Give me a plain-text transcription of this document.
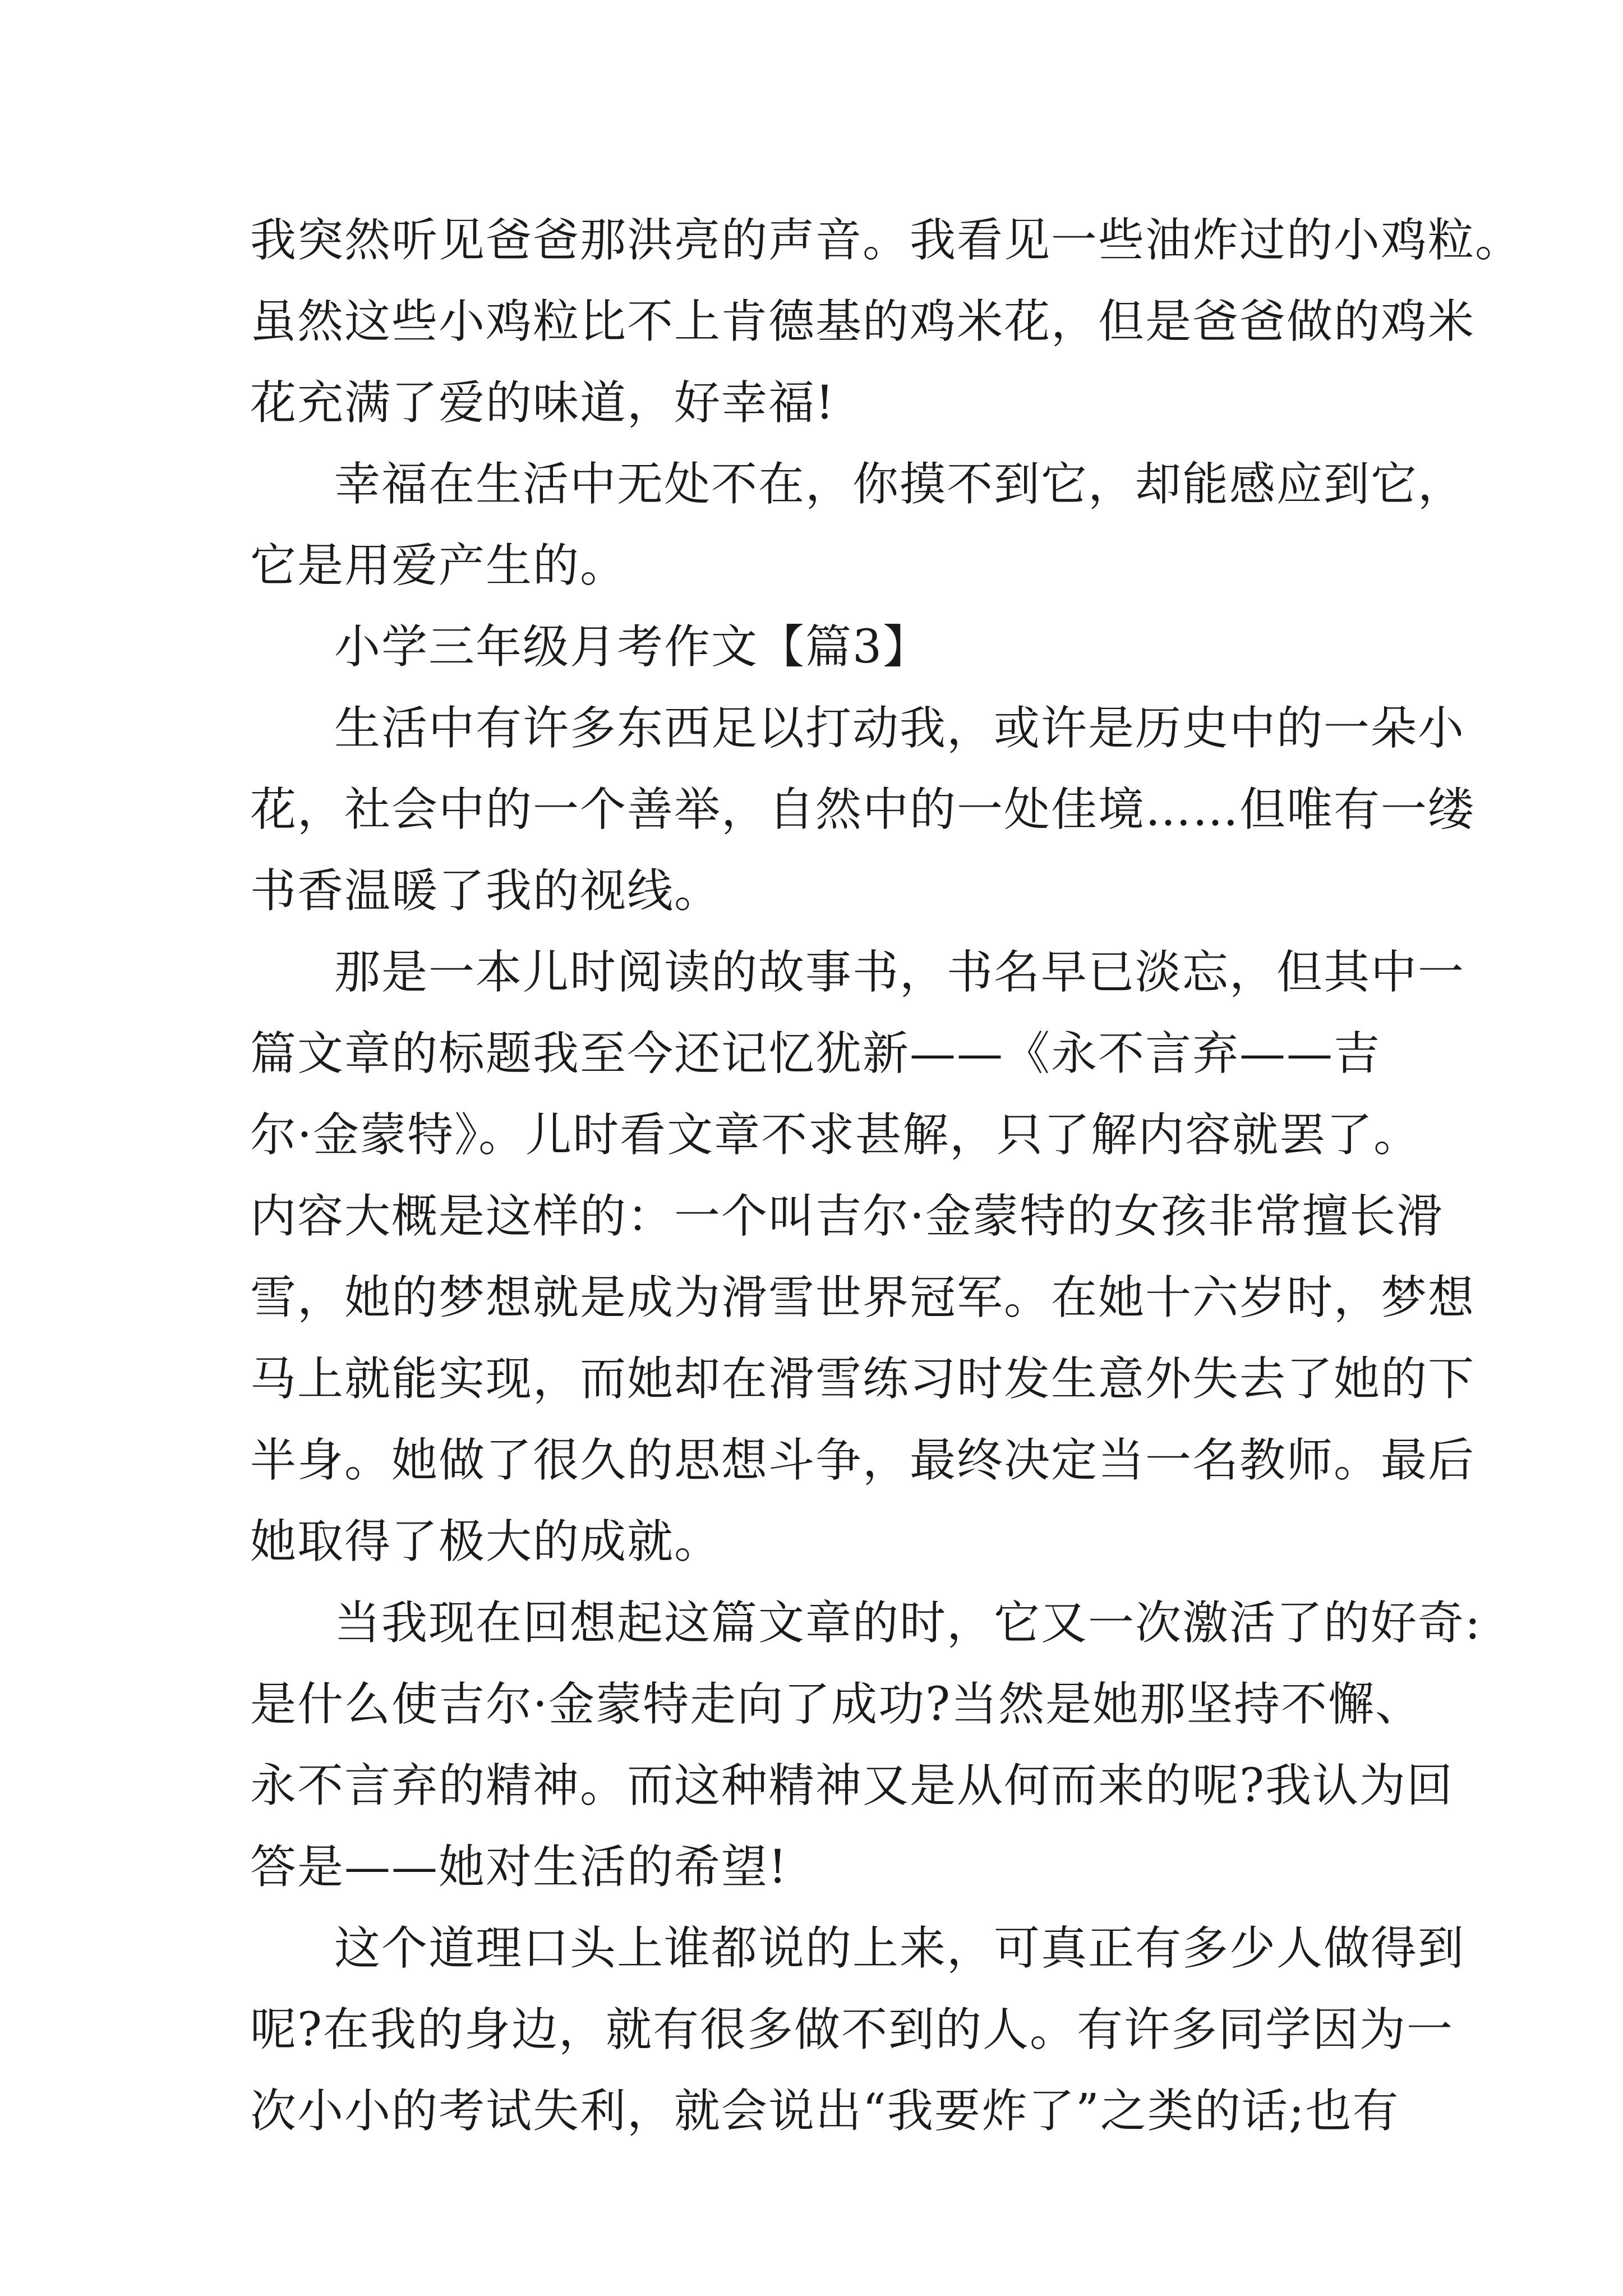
我突然听见爸爸那洪亮的声音。我看见一些油炸过的小鸡粒。
虽然这些小鸡粒比不上肯德基的鸡米花，但是爸爸做的鸡米
花充满了爱的味道，好幸福!
幸福在生活中无处不在，你摸不到它，却能感应到它，
它是用爱产生的。
小学三年级月考作文【篇3】
生活中有许多东西足以打动我，或许是历史中的一朵小
花，社会中的一个善举，自然中的一处佳境……但唯有一缕
书香温暖了我的视线。
那是一本儿时阅读的故事书，书名早已淡忘，但其中一
篇文章的标题我至今还记忆犹新——《永不言弃——吉
尔·金蒙特》。儿时看文章不求甚解，只了解内容就罢了。
内容大概是这样的：一个叫吉尔·金蒙特的女孩非常擅长滑
雪，她的梦想就是成为滑雪世界冠军。在她十六岁时，梦想
马上就能实现，而她却在滑雪练习时发生意外失去了她的下
半身。她做了很久的思想斗争，最终决定当一名教师。最后
她取得了极大的成就。
当我现在回想起这篇文章的时，它又一次激活了的好奇:
是什么使吉尔·金蒙特走向了成功?当然是她那坚持不懈、
永不言弃的精神。而这种精神又是从何而来的呢?我认为回
答是——她对生活的希望!
这个道理口头上谁都说的上来，可真正有多少人做得到
呢?在我的身边，就有很多做不到的人。有许多同学因为一
次小小的考试失利，就会说出“我要炸了”之类的话;也有
